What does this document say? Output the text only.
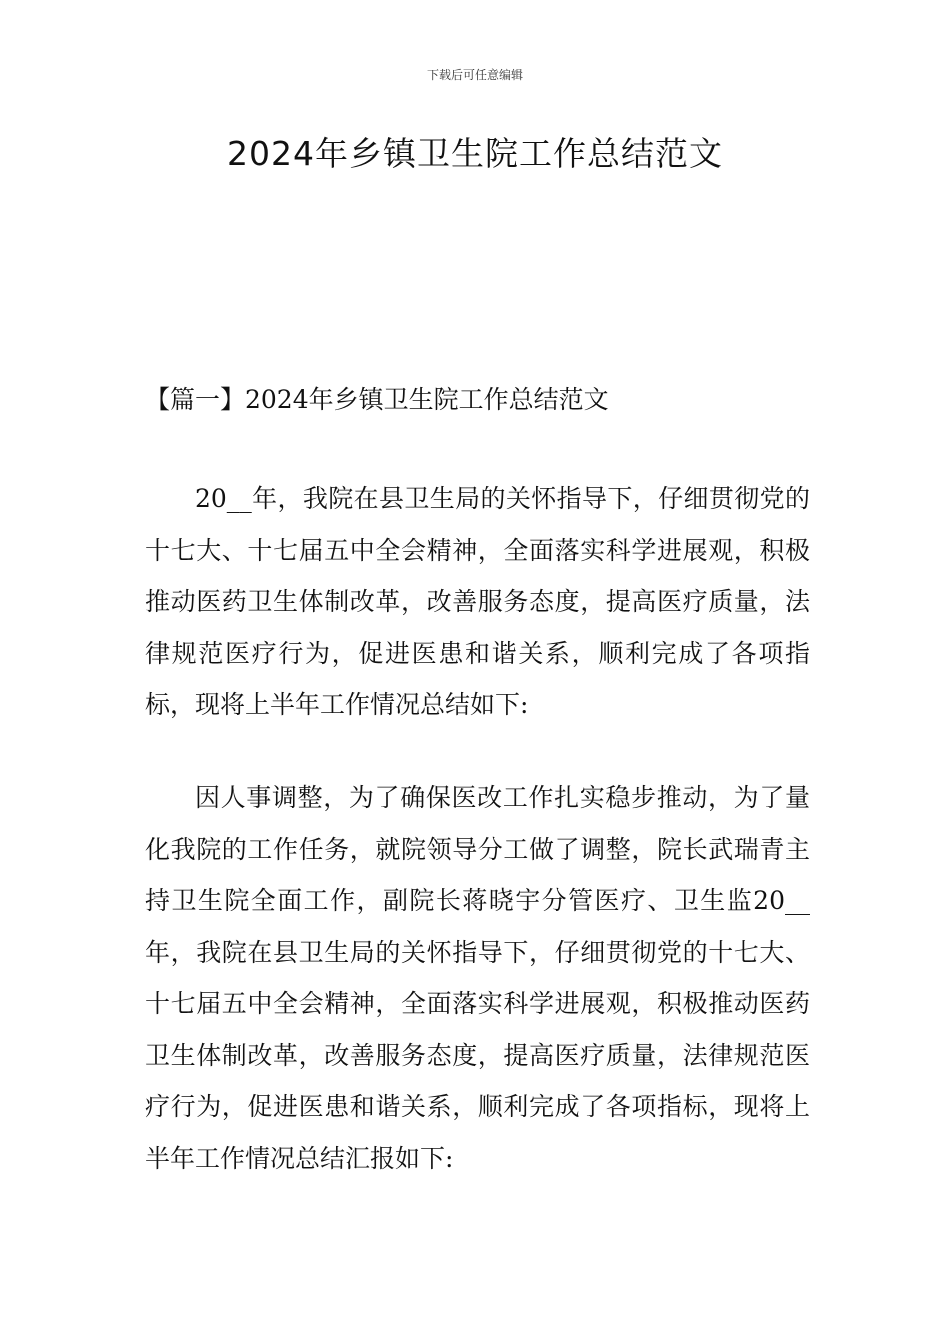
下载后可任意编辑
2024年乡镇卫生院工作总结范文

【篇一】2024年乡镇卫生院工作总结范文

20__年，我院在县卫生局的关怀指导下，仔细贯彻党的十七大、十七届五中全会精神，全面落实科学进展观，积极推动医药卫生体制改革，改善服务态度，提高医疗质量，法律规范医疗行为，促进医患和谐关系，顺利完成了各项指标，现将上半年工作情况总结如下:

因人事调整，为了确保医改工作扎实稳步推动，为了量化我院的工作任务，就院领导分工做了调整，院长武瑞青主持卫生院全面工作，副院长蒋晓宇分管医疗、卫生监20__年，我院在县卫生局的关怀指导下，仔细贯彻党的十七大、十七届五中全会精神，全面落实科学进展观，积极推动医药卫生体制改革，改善服务态度，提高医疗质量，法律规范医疗行为，促进医患和谐关系，顺利完成了各项指标，现将上半年工作情况总结汇报如下:
